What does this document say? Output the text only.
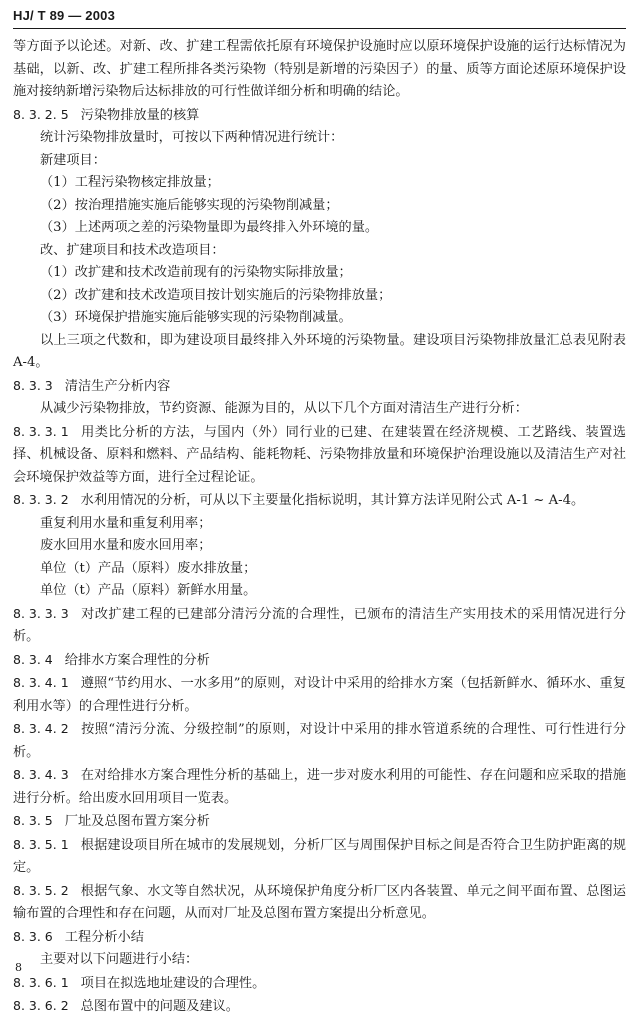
HJ/ T 89 — 2003

等方面予以论述。对新、改、扩建工程需依托原有环境保护设施时应以原环境保护设施的运行达标情况为基础，以新、改、扩建工程所排各类污染物（特别是新增的污染因子）的量、质等方面论述原环境保护设施对接纳新增污染物后达标排放的可行性做详细分析和明确的结论。

8. 3. 2. 5 污染物排放量的核算

统计污染物排放量时，可按以下两种情况进行统计：

新建项目：

（1）工程污染物核定排放量；

（2）按治理措施实施后能够实现的污染物削减量；

（3）上述两项之差的污染物量即为最终排入外环境的量。

改、扩建项目和技术改造项目：

（1）改扩建和技术改造前现有的污染物实际排放量；

（2）改扩建和技术改造项目按计划实施后的污染物排放量；

（3）环境保护措施实施后能够实现的污染物削减量。

以上三项之代数和，即为建设项目最终排入外环境的污染物量。建设项目污染物排放量汇总表见附表 A-4。

8. 3. 3 清洁生产分析内容

从减少污染物排放，节约资源、能源为目的，从以下几个方面对清洁生产进行分析：

8. 3. 3. 1 用类比分析的方法，与国内（外）同行业的已建、在建装置在经济规模、工艺路线、装置选择、机械设备、原料和燃料、产品结构、能耗物耗、污染物排放量和环境保护治理设施以及清洁生产对社会环境保护效益等方面，进行全过程论证。

8. 3. 3. 2 水利用情况的分析，可从以下主要量化指标说明，其计算方法详见附公式 A-1 ~ A-4。

重复利用水量和重复利用率；

废水回用水量和废水回用率；

单位（t）产品（原料）废水排放量；

单位（t）产品（原料）新鲜水用量。

8. 3. 3. 3 对改扩建工程的已建部分清污分流的合理性，已颁布的清洁生产实用技术的采用情况进行分析。

8. 3. 4 给排水方案合理性的分析

8. 3. 4. 1 遵照“节约用水、一水多用”的原则，对设计中采用的给排水方案（包括新鲜水、循环水、重复利用水等）的合理性进行分析。

8. 3. 4. 2 按照“清污分流、分级控制”的原则，对设计中采用的排水管道系统的合理性、可行性进行分析。

8. 3. 4. 3 在对给排水方案合理性分析的基础上，进一步对废水利用的可能性、存在问题和应采取的措施进行分析。给出废水回用项目一览表。

8. 3. 5 厂址及总图布置方案分析

8. 3. 5. 1 根据建设项目所在城市的发展规划，分析厂区与周围保护目标之间是否符合卫生防护距离的规定。

8. 3. 5. 2 根据气象、水文等自然状况，从环境保护角度分析厂区内各装置、单元之间平面布置、总图运输布置的合理性和存在问题，从而对厂址及总图布置方案提出分析意见。

8. 3. 6 工程分析小结

主要对以下问题进行小结：

8. 3. 6. 1 项目在拟选地址建设的合理性。

8. 3. 6. 2 总图布置中的问题及建议。

8
